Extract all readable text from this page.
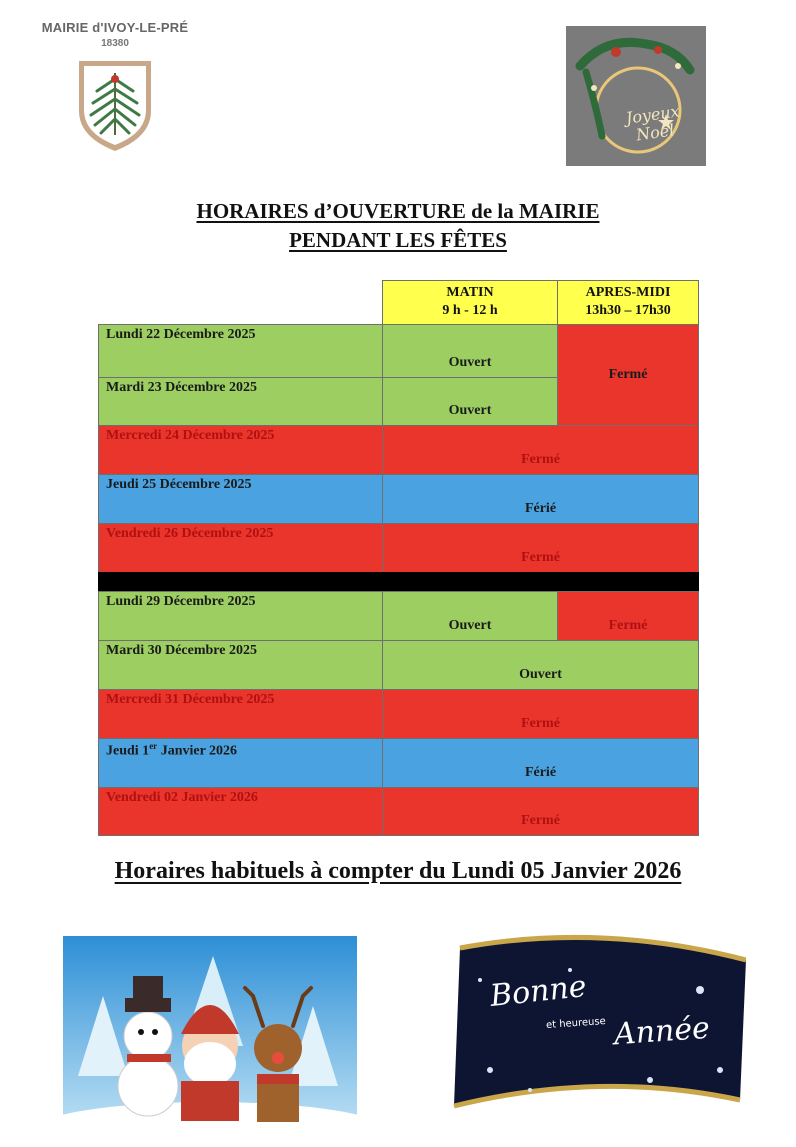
MAIRIE d'IVOY-LE-PRÉ
18380
Joyeux Noël
HORAIRES d’OUVERTURE de la MAIRIE
PENDANT LES FÊTES
MATIN
9 h - 12 h
APRES-MIDI
13h30 – 17h30
Lundi 22 Décembre 2025
Ouvert
Fermé
Mardi 23 Décembre 2025
Ouvert
Mercredi 24 Décembre 2025
Fermé
Jeudi 25 Décembre 2025
Férié
Vendredi 26 Décembre 2025
Fermé
Lundi 29 Décembre 2025
Ouvert	Fermé
Mardi 30 Décembre 2025
Ouvert
Mercredi 31 Décembre 2025
Fermé
Jeudi 1er Janvier 2026
Férié
Vendredi 02 Janvier 2026
Fermé
Horaires habituels à compter du Lundi 05 Janvier 2026
Bonne
et heureuse Année
